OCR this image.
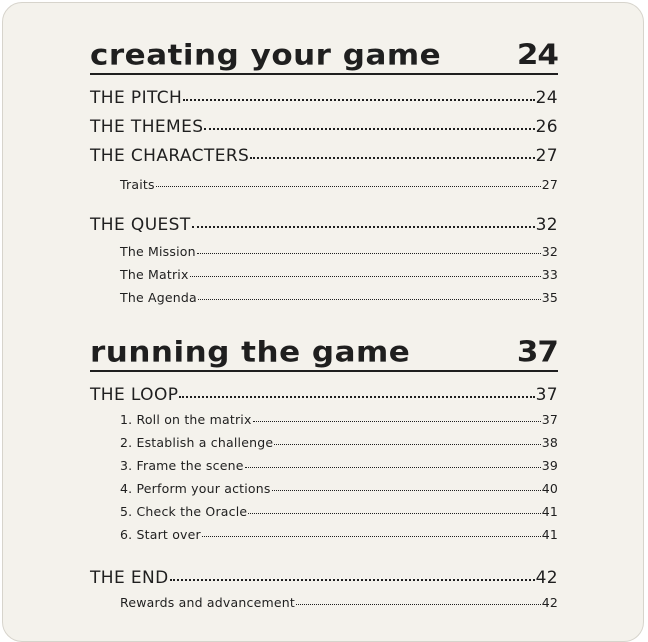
creating your game 24
THE PITCH	24
THE THEMES	26
THE CHARACTERS	27
Traits	27
THE QUEST	32
The Mission	32
The Matrix	33
The Agenda	35
running the game	37
THE LOOP	37
1. Roll on the matrix	37
2. Establish a challenge	38
3. Frame the scene	39
4. Perform your actions	40
5. Check the Oracle	41
6. Start over	41
THE END	42
Rewards and advancement	42
